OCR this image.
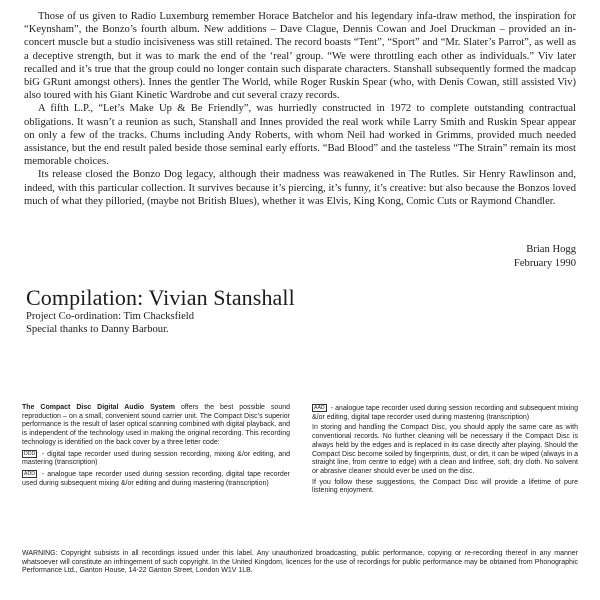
Those of us given to Radio Luxemburg remember Horace Batchelor and his legendary infa-draw method, the inspiration for “Keynsham”, the Bonzo’s fourth album. New additions – Dave Clague, Dennis Cowan and Joel Druckman – provided an in-concert muscle but a studio incisiveness was still retained. The record boasts “Tent”, “Sport” and “Mr. Slater’s Parrot”, as well as a deceptive strength, but it was to mark the end of the ‘real’ group. “We were throttling each other as individuals.” Viv later recalled and it’s true that the group could no longer contain such disparate characters. Stanshall subsequently formed the madcap biG GRunt amongst others). Innes the gentler The World, while Roger Ruskin Spear (who, with Denis Cowan, still assisted Viv) also toured with his Giant Kinetic Wardrobe and cut several crazy records.

A fifth L.P., “Let’s Make Up & Be Friendly”, was hurriedly constructed in 1972 to complete outstanding contractual obligations. It wasn’t a reunion as such, Stanshall and Innes provided the real work while Larry Smith and Ruskin Spear appear on only a few of the tracks. Chums including Andy Roberts, with whom Neil had worked in Grimms, provided much needed assistance, but the end result paled beside those seminal early efforts. “Bad Blood” and the tasteless “The Strain” remain its most memorable choices.

Its release closed the Bonzo Dog legacy, although their madness was reawakened in The Rutles. Sir Henry Rawlinson and, indeed, with this particular collection. It survives because it’s piercing, it’s funny, it’s creative: but also because the Bonzos loved much of what they pilloried, (maybe not British Blues), whether it was Elvis, King Kong, Comic Cuts or Raymond Chandler.

Brian Hogg
February 1990
Compilation: Vivian Stanshall
Project Co-ordination: Tim Chacksfield
Special thanks to Danny Barbour.

The Compact Disc Digital Audio System offers the best possible sound reproduction – on a small, convenient sound carrier unit. The Compact Disc’s superior performance is the result of laser optical scanning combined with digital playback, and is independent of the technology used in making the original recording. This recording technology is identified on the back cover by a three letter code:

DDD - digital tape recorder used during session recording, mixing &/or editing, and mastering (transcription)

ADD - analogue tape recorder used during session recording, digital tape recorder used during subsequent mixing &/or editing and during mastering (transcription)

AAD - analogue tape recorder used during session recording and subsequent mixing &/or editing, digital tape recorder used during mastering (transcription)

In storing and handling the Compact Disc, you should apply the same care as with conventional records. No further cleaning will be necessary if the Compact Disc is always held by the edges and is replaced in its case directly after playing. Should the Compact Disc become soiled by fingerprints, dust, or dirt, it can be wiped (always in a straight line, from centre to edge) with a clean and lintfree, soft, dry cloth. No solvent or abrasive cleaner should ever be used on the disc.

If you follow these suggestions, the Compact Disc will provide a lifetime of pure listening enjoyment.

WARNING: Copyright subsists in all recordings issued under this label. Any unauthorized broadcasting, public performance, copying or re-recording thereof in any manner whatsoever will constitute an infringement of such copyright. In the United Kingdom, licences for the use of recordings for public performance may be obtained from Phonographic Performance Ltd., Ganton House, 14-22 Ganton Street, London W1V 1LB.
